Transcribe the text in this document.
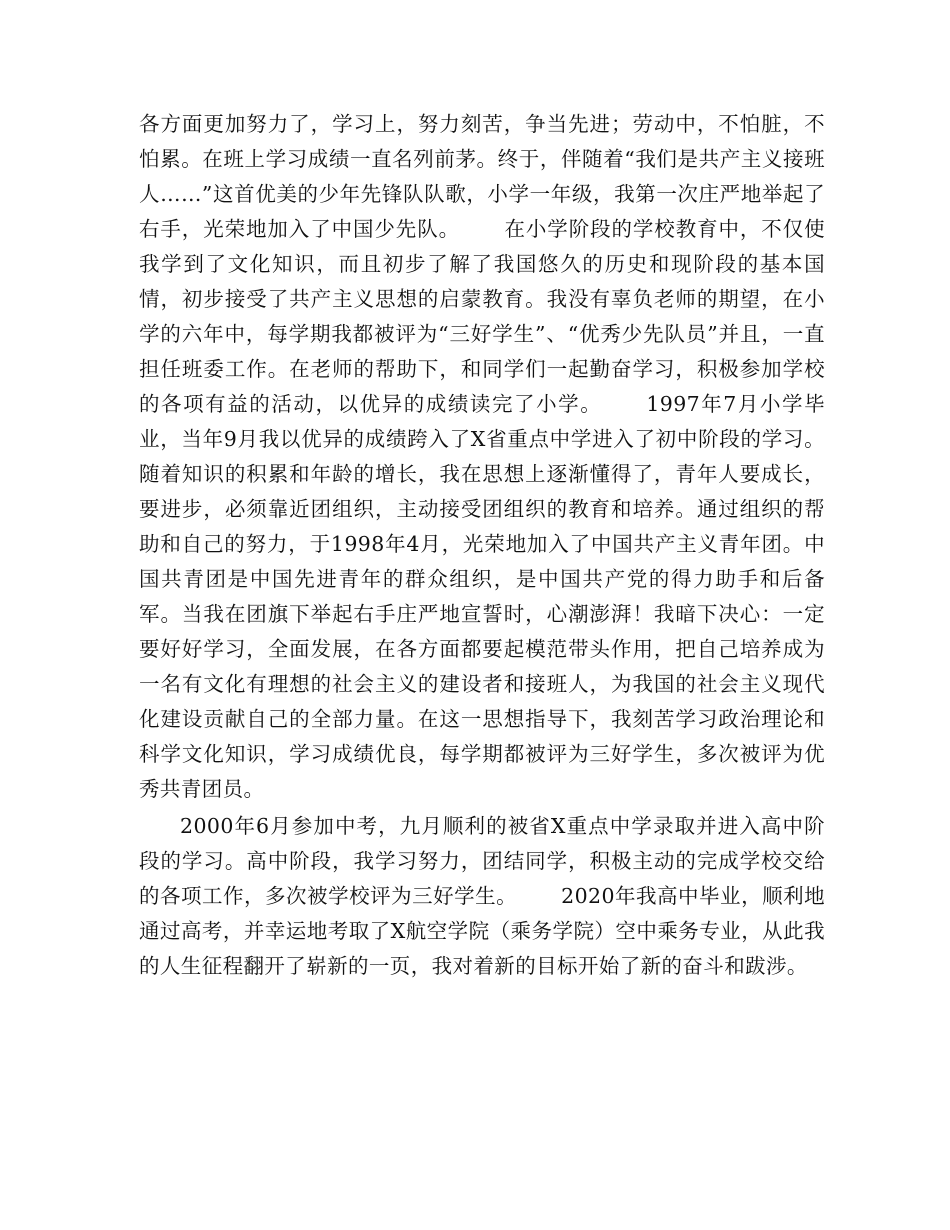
各方面更加努力了，学习上，努力刻苦，争当先进；劳动中，不怕脏，不怕累。在班上学习成绩一直名列前茅。终于，伴随着“我们是共产主义接班人……”这首优美的少年先锋队队歌，小学一年级，我第一次庄严地举起了右手，光荣地加入了中国少先队。 在小学阶段的学校教育中，不仅使我学到了文化知识，而且初步了解了我国悠久的历史和现阶段的基本国情，初步接受了共产主义思想的启蒙教育。我没有辜负老师的期望，在小学的六年中，每学期我都被评为“三好学生”、“优秀少先队员”并且，一直担任班委工作。在老师的帮助下，和同学们一起勤奋学习，积极参加学校的各项有益的活动，以优异的成绩读完了小学。 1997年7月小学毕业，当年9月我以优异的成绩跨入了X省重点中学进入了初中阶段的学习。随着知识的积累和年龄的增长，我在思想上逐渐懂得了，青年人要成长，要进步，必须靠近团组织，主动接受团组织的教育和培养。通过组织的帮助和自己的努力，于1998年4月，光荣地加入了中国共产主义青年团。中国共青团是中国先进青年的群众组织，是中国共产党的得力助手和后备军。当我在团旗下举起右手庄严地宣誓时，心潮澎湃！我暗下决心：一定要好好学习，全面发展，在各方面都要起模范带头作用，把自己培养成为一名有文化有理想的社会主义的建设者和接班人，为我国的社会主义现代化建设贡献自己的全部力量。在这一思想指导下，我刻苦学习政治理论和科学文化知识，学习成绩优良，每学期都被评为三好学生，多次被评为优秀共青团员。

2000年6月参加中考，九月顺利的被省X重点中学录取并进入高中阶段的学习。高中阶段，我学习努力，团结同学，积极主动的完成学校交给的各项工作，多次被学校评为三好学生。 2020年我高中毕业，顺利地通过高考，并幸运地考取了X航空学院（乘务学院）空中乘务专业，从此我的人生征程翻开了崭新的一页，我对着新的目标开始了新的奋斗和跋涉。
